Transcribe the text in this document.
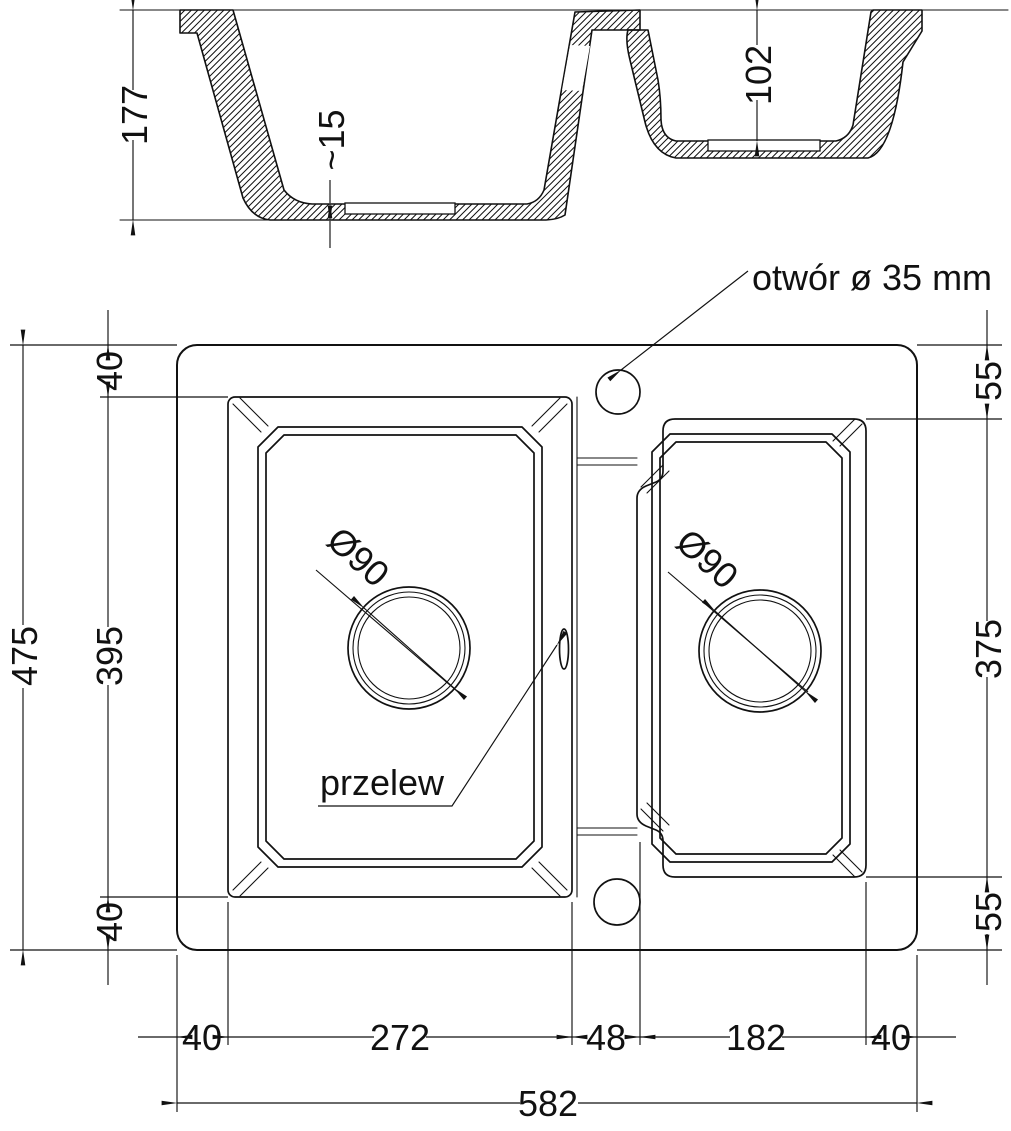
177	~15
102
Ø90	Ø90
przelew
otwór ø 35 mm
40
395
40
475
55
375
55
40	272	48	182 40
582
